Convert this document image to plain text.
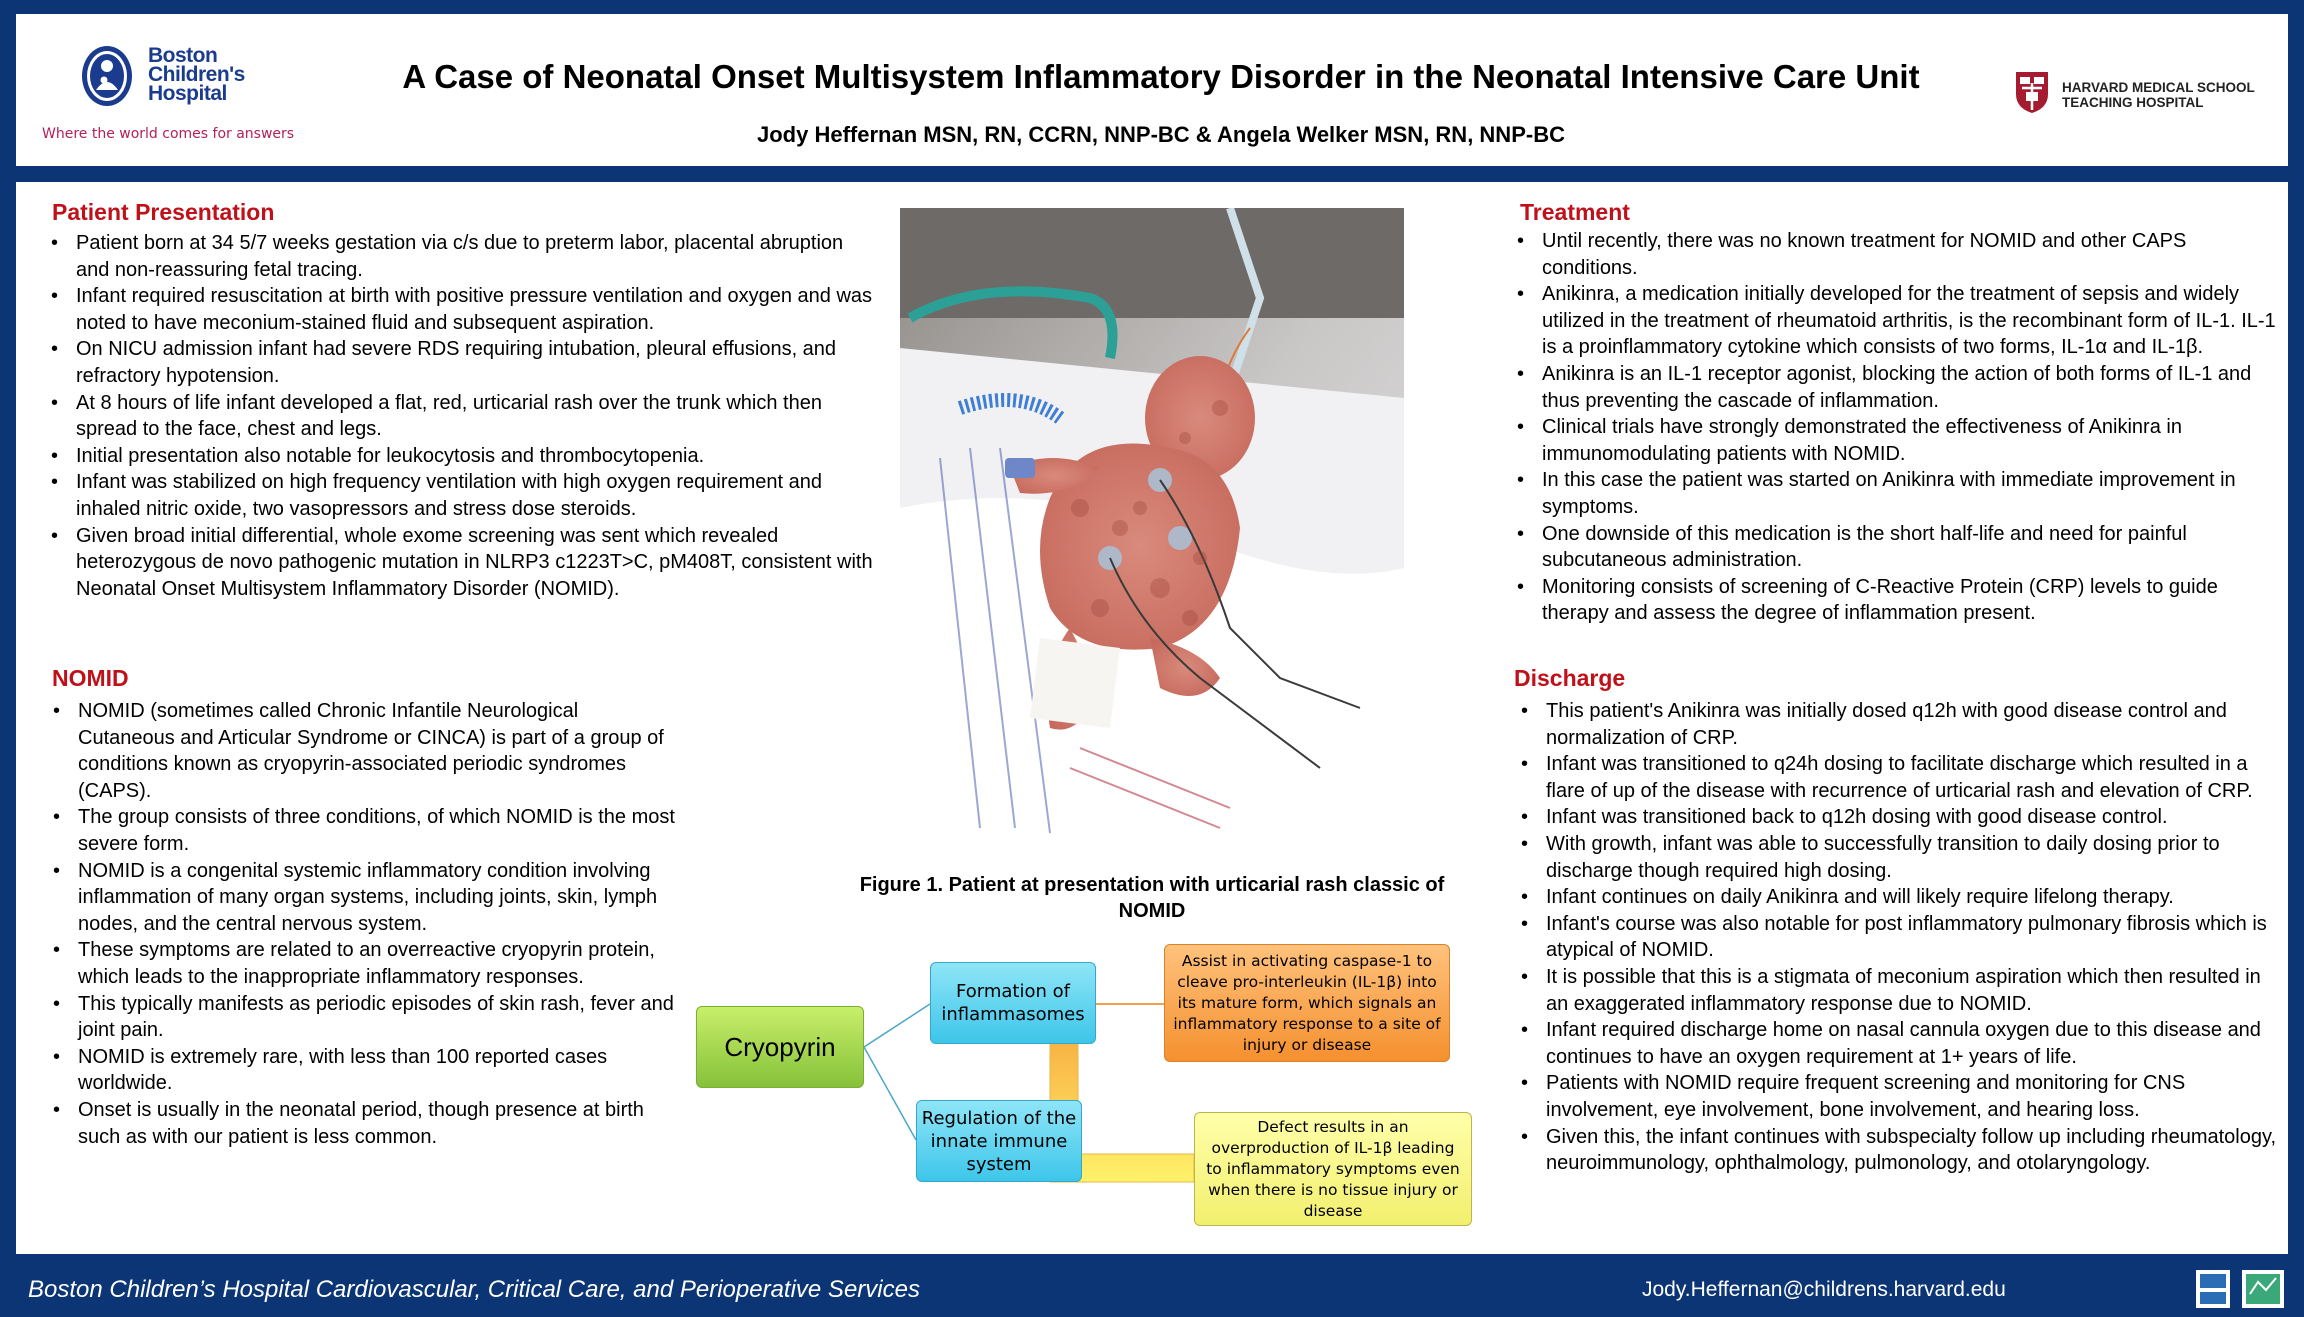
Boston
Children's
Hospital
Where the world comes for answers
A Case of Neonatal Onset Multisystem Inflammatory Disorder in the Neonatal Intensive Care Unit
Jody Heffernan MSN, RN, CCRN, NNP-BC & Angela Welker MSN, RN, NNP-BC
HARVARD MEDICAL SCHOOL
TEACHING HOSPITAL
Patient Presentation
• Patient born at 34 5/7 weeks gestation via c/s due to preterm labor, placental abruption and non-reassuring fetal tracing.
• Infant required resuscitation at birth with positive pressure ventilation and oxygen and was noted to have meconium-stained fluid and subsequent aspiration.
• On NICU admission infant had severe RDS requiring intubation, pleural effusions, and refractory hypotension.
• At 8 hours of life infant developed a flat, red, urticarial rash over the trunk which then spread to the face, chest and legs.
• Initial presentation also notable for leukocytosis and thrombocytopenia.
• Infant was stabilized on high frequency ventilation with high oxygen requirement and inhaled nitric oxide, two vasopressors and stress dose steroids.
• Given broad initial differential, whole exome screening was sent which revealed heterozygous de novo pathogenic mutation in NLRP3 c1223T>C, pM408T, consistent with Neonatal Onset Multisystem Inflammatory Disorder (NOMID).
NOMID
• NOMID (sometimes called Chronic Infantile Neurological Cutaneous and Articular Syndrome or CINCA) is part of a group of conditions known as cryopyrin-associated periodic syndromes (CAPS).
• The group consists of three conditions, of which NOMID is the most severe form.
• NOMID is a congenital systemic inflammatory condition involving inflammation of many organ systems, including joints, skin, lymph nodes, and the central nervous system.
• These symptoms are related to an overreactive cryopyrin protein, which leads to the inappropriate inflammatory responses.
• This typically manifests as periodic episodes of skin rash, fever and joint pain.
• NOMID is extremely rare, with less than 100 reported cases worldwide.
• Onset is usually in the neonatal period, though presence at birth such as with our patient is less common.
Figure 1. Patient at presentation with urticarial rash classic of NOMID
Cryopyrin
Formation of inflammasomes
Regulation of the innate immune system
Assist in activating caspase-1 to cleave pro-interleukin (IL-1β) into its mature form, which signals an inflammatory response to a site of injury or disease
Defect results in an overproduction of IL-1β leading to inflammatory symptoms even when there is no tissue injury or disease
Treatment
• Until recently, there was no known treatment for NOMID and other CAPS conditions.
• Anikinra, a medication initially developed for the treatment of sepsis and widely utilized in the treatment of rheumatoid arthritis, is the recombinant form of IL-1. IL-1 is a proinflammatory cytokine which consists of two forms, IL-1α and IL-1β.
• Anikinra is an IL-1 receptor agonist, blocking the action of both forms of IL-1 and thus preventing the cascade of inflammation.
• Clinical trials have strongly demonstrated the effectiveness of Anikinra in immunomodulating patients with NOMID.
• In this case the patient was started on Anikinra with immediate improvement in symptoms.
• One downside of this medication is the short half-life and need for painful subcutaneous administration.
• Monitoring consists of screening of C-Reactive Protein (CRP) levels to guide therapy and assess the degree of inflammation present.
Discharge
• This patient's Anikinra was initially dosed q12h with good disease control and normalization of CRP.
• Infant was transitioned to q24h dosing to facilitate discharge which resulted in a flare of up of the disease with recurrence of urticarial rash and elevation of CRP.
• Infant was transitioned back to q12h dosing with good disease control.
• With growth, infant was able to successfully transition to daily dosing prior to discharge though required high dosing.
• Infant continues on daily Anikinra and will likely require lifelong therapy.
• Infant's course was also notable for post inflammatory pulmonary fibrosis which is atypical of NOMID.
• It is possible that this is a stigmata of meconium aspiration which then resulted in an exaggerated inflammatory response due to NOMID.
• Infant required discharge home on nasal cannula oxygen due to this disease and continues to have an oxygen requirement at 1+ years of life.
• Patients with NOMID require frequent screening and monitoring for CNS involvement, eye involvement, bone involvement, and hearing loss.
• Given this, the infant continues with subspecialty follow up including rheumatology, neuroimmunology, ophthalmology, pulmonology, and otolaryngology.
Boston Children’s Hospital Cardiovascular, Critical Care, and Perioperative Services	Jody.Heffernan@childrens.harvard.edu
